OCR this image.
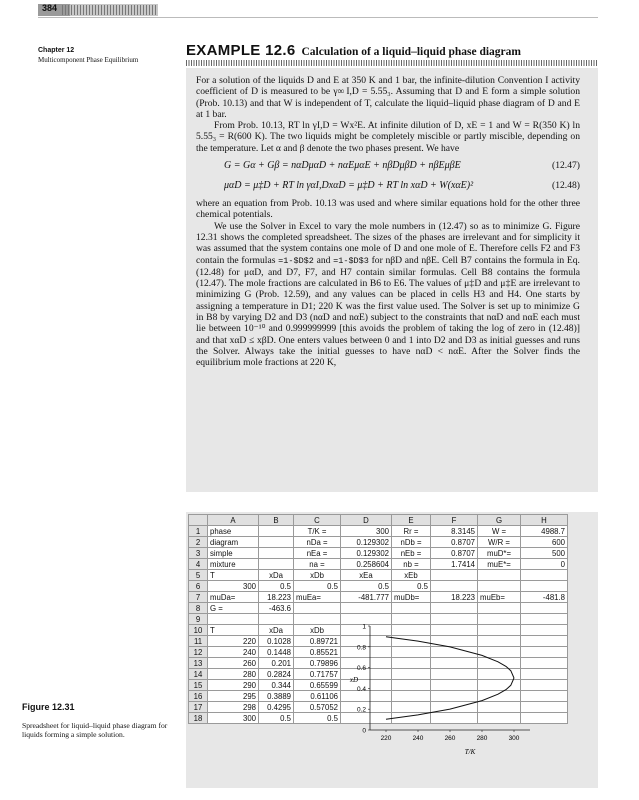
384
Chapter 12
Multicomponent Phase Equilibrium
EXAMPLE 12.6 Calculation of a liquid–liquid phase diagram

For a solution of the liquids D and E at 350 K and 1 bar, the infinite-dilution Convention I activity coefficient of D is measured to be γ∞ I,D = 5.55₃. Assuming that D and E form a simple solution (Prob. 10.13) and that W is independent of T, calculate the liquid–liquid phase diagram of D and E at 1 bar.

From Prob. 10.13, RT ln γI,D = Wx²E. At infinite dilution of D, xE = 1 and W = R(350 K) ln 5.55₃ = R(600 K). The two liquids might be completely miscible or partly miscible, depending on the temperature. Let α and β denote the two phases present. We have

G = Gα + Gβ = nαDμαD + nαEμαE + nβDμβD + nβEμβE	(12.47)
μαD = μ‡D + RT ln γαI,DxαD = μ‡D + RT ln xαD + W(xαE)²	(12.48)

where an equation from Prob. 10.13 was used and where similar equations hold for the other three chemical potentials.

We use the Solver in Excel to vary the mole numbers in (12.47) so as to minimize G. Figure 12.31 shows the completed spreadsheet. The sizes of the phases are irrelevant and for simplicity it was assumed that the system contains one mole of D and one mole of E. Therefore cells F2 and F3 contain the formulas =1-$D$2 and =1-$D$3 for nβD and nβE. Cell B7 contains the formula in Eq. (12.48) for μαD, and D7, F7, and H7 contain similar formulas. Cell B8 contains the formula (12.47). The mole fractions are calculated in B6 to E6. The values of μ‡D and μ‡E are irrelevant to minimizing G (Prob. 12.59), and any values can be placed in cells H3 and H4. One starts by assigning a temperature in D1; 220 K was the first value used. The Solver is set up to minimize G in B8 by varying D2 and D3 (nαD and nαE) subject to the constraints that nαD and nαE each must lie between 10⁻¹⁰ and 0.999999999 [this avoids the problem of taking the log of zero in (12.48)] and that xαD ≤ xβD. One enters values between 0 and 1 into D2 and D3 as initial guesses and runs the Solver. Always take the initial guesses to have nαD < nαE. After the Solver finds the equilibrium mole fractions at 220 K,

Figure 12.31
Spreadsheet for liquid–liquid phase diagram for liquids forming a simple solution.
	A	B	C	D	E	F	G	H
1	phase		T/K =	300	Rr =	8.3145	W =	4988.7
2	diagram		nDa =	0.129302	nDb =	0.8707	W/R =	600
3	simple		nEa =	0.129302	nEb =	0.8707	muD*=	500
4	mixture		na =	0.258604	nb =	1.7414	muE*=	0
5	T	xDa	xDb	xEa	xEb			
6	300	0.5	0.5	0.5	0.5			
7	muDa=	18.223	muEa=	-481.777	muDb=	18.223	muEb=	-481.8
8	G =	-463.6						
9								
10	T	xDa	xDb					
11	220	0.1028	0.89721					
12	240	0.1448	0.85521					
13	260	0.201	0.79896					
14	280	0.2824	0.71757					
15	290	0.344	0.65599					
16	295	0.3889	0.61106					
17	298	0.4295	0.57052					
18	300	0.5	0.5					
0
0.2
0.4
0.6
0.8
1
220	240	260	280	300
T/K
xD
